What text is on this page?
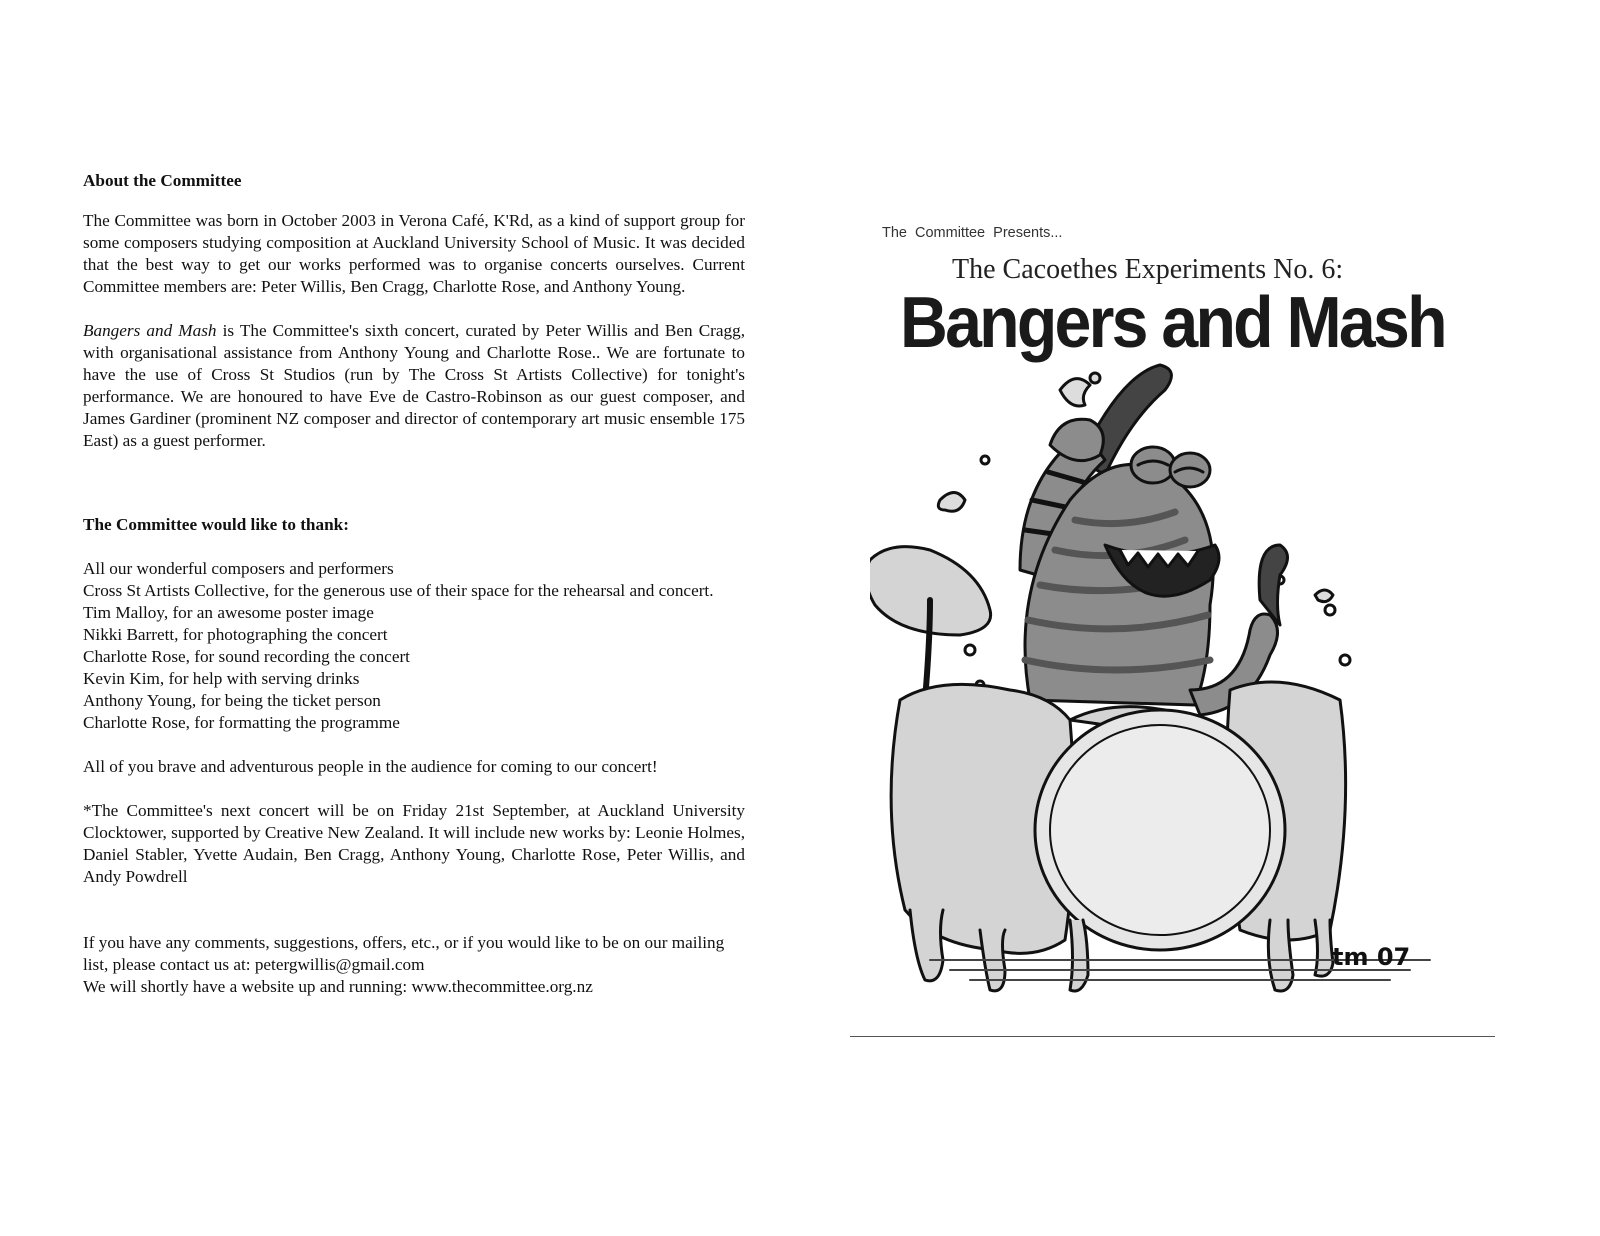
About the Committee

The Committee was born in October 2003 in Verona Café, K'Rd, as a kind of support group for some composers studying composition at Auckland University School of Music. It was decided that the best way to get our works performed was to organise concerts ourselves. Current Committee members are: Peter Willis, Ben Cragg, Charlotte Rose, and Anthony Young.

Bangers and Mash is The Committee's sixth concert, curated by Peter Willis and Ben Cragg, with organisational assistance from Anthony Young and Charlotte Rose.. We are fortunate to have the use of Cross St Studios (run by The Cross St Artists Collective) for tonight's performance. We are honoured to have Eve de Castro-Robinson as our guest composer, and James Gardiner (prominent NZ composer and director of contemporary art music ensemble 175 East) as a guest performer.

The Committee would like to thank:

All our wonderful composers and performers
Cross St Artists Collective, for the generous use of their space for the rehearsal and concert.
Tim Malloy, for an awesome poster image
Nikki Barrett, for photographing the concert
Charlotte Rose, for sound recording the concert
Kevin Kim, for help with serving drinks
Anthony Young, for being the ticket person
Charlotte Rose, for formatting the programme

All of you brave and adventurous people in the audience for coming to our concert!

*The Committee's next concert will be on Friday 21st September, at Auckland University Clocktower, supported by Creative New Zealand. It will include new works by: Leonie Holmes, Daniel Stabler, Yvette Audain, Ben Cragg, Anthony Young, Charlotte Rose, Peter Willis, and Andy Powdrell

If you have any comments, suggestions, offers, etc., or if you would like to be on our mailing list, please contact us at: petergwillis@gmail.com
We will shortly have a website up and running: www.thecommittee.org.nz

The Committee Presents...
The Cacoethes Experiments No. 6:
Bangers and Mash
tm 07
